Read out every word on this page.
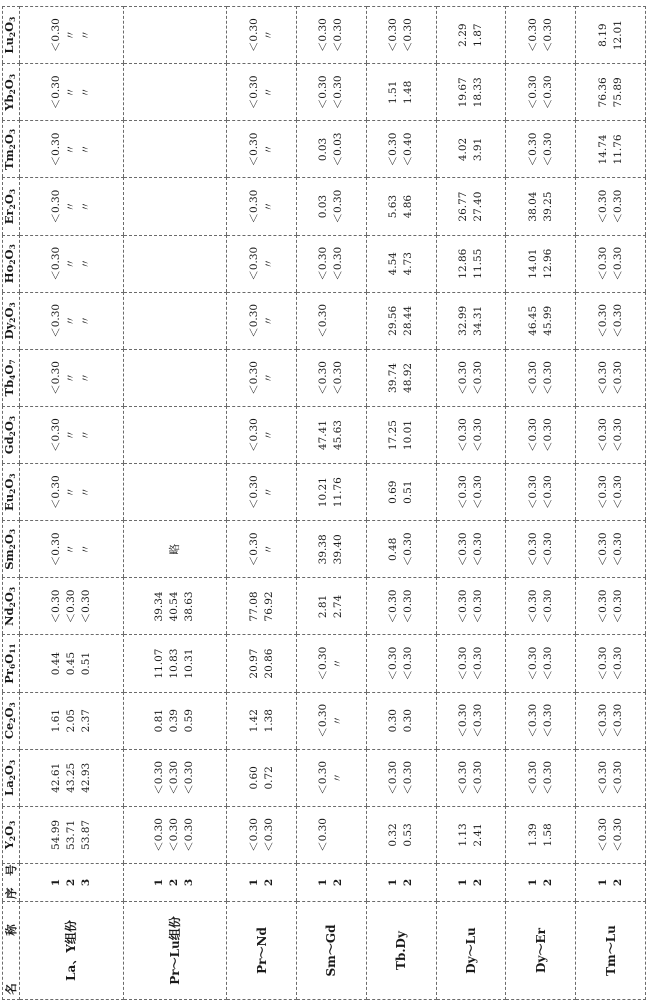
名　称	序　号	$Y_2O_3$	$La_2O_3$	$Ce_2O_3$	$Pr_6O_{11}$	$Nd_2O_3$	$Sm_2O_3$	$Eu_2O_3$	$Gd_2O_3$	$Tb_4O_7$	$Dy_2O_3$	$Ho_2O_3$	$Er_2O_3$	$Tm_2O_3$	$Yb_2O_3$	$Lu_2O_3$
La、Y组份	1 2 3	54.99 53.71 53.87	42.61 43.25 42.93	1.61 2.05 2.37	0.44 0.45 0.51	＜0.30 ＜0.30 ＜0.30	＜0.30 〃 〃	＜0.30 〃 〃	＜0.30 〃 〃	＜0.30 〃 〃	＜0.30 〃 〃	＜0.30 〃 〃	＜0.30 〃 〃	＜0.30 〃 〃	＜0.30 〃 〃	＜0.30 〃 〃

Pr～Lu组份	1 2 3	＜0.30 ＜0.30 ＜0.30	＜0.30 ＜0.30 ＜0.30	0.81 0.39 0.59	11.07 10.83 10.31	39.34 40.54 38.63	略									

Pr～Nd	1 2	＜0.30 ＜0.30	0.60 0.72	1.42 1.38	20.97 20.86	77.08 76.92	＜0.30 〃	＜0.30 〃	＜0.30 〃	＜0.30 〃	＜0.30 〃	＜0.30 〃	＜0.30 〃	＜0.30 〃	＜0.30 〃	＜0.30 〃

Sm～Gd	1 2	＜0.30	＜0.30 〃	＜0.30 〃	＜0.30 〃	2.81 2.74	39.38 39.40	10.21 11.76	47.41 45.63	＜0.30 ＜0.30	＜0.30	＜0.30 ＜0.30	0.03 ＜0.30	0.03 ＜0.03	＜0.30 ＜0.30	＜0.30 ＜0.30

Tb.Dy	1 2	0.32 0.53	＜0.30 ＜0.30	0.30 0.30	＜0.30 ＜0.30	＜0.30 ＜0.30	0.48 ＜0.30	0.69 0.51	17.25 10.01	39.74 48.92	29.56 28.44	4.54 4.73	5.63 4.86	＜0.30 ＜0.40	1.51 1.48	＜0.30 ＜0.30

Dy～Lu	1 2	1.13 2.41	＜0.30 ＜0.30	＜0.30 ＜0.30	＜0.30 ＜0.30	＜0.30 ＜0.30	＜0.30 ＜0.30	＜0.30 ＜0.30	＜0.30 ＜0.30	＜0.30 ＜0.30	32.99 34.31	12.86 11.55	26.77 27.40	4.02 3.91	19.67 18.33	2.29 1.87

Dy～Er	1 2	1.39 1.58	＜0.30 ＜0.30	＜0.30 ＜0.30	＜0.30 ＜0.30	＜0.30 ＜0.30	＜0.30 ＜0.30	＜0.30 ＜0.30	＜0.30 ＜0.30	＜0.30 ＜0.30	46.45 45.99	14.01 12.96	38.04 39.25	＜0.30 ＜0.30	＜0.30 ＜0.30	＜0.30 ＜0.30

Tm～Lu	1 2	＜0.30 ＜0.30	＜0.30 ＜0.30	＜0.30 ＜0.30	＜0.30 ＜0.30	＜0.30 ＜0.30	＜0.30 ＜0.30	＜0.30 ＜0.30	＜0.30 ＜0.30	＜0.30 ＜0.30	＜0.30 ＜0.30	＜0.30 ＜0.30	＜0.30 ＜0.30	14.74 11.76	76.36 75.89	8.19 12.01
